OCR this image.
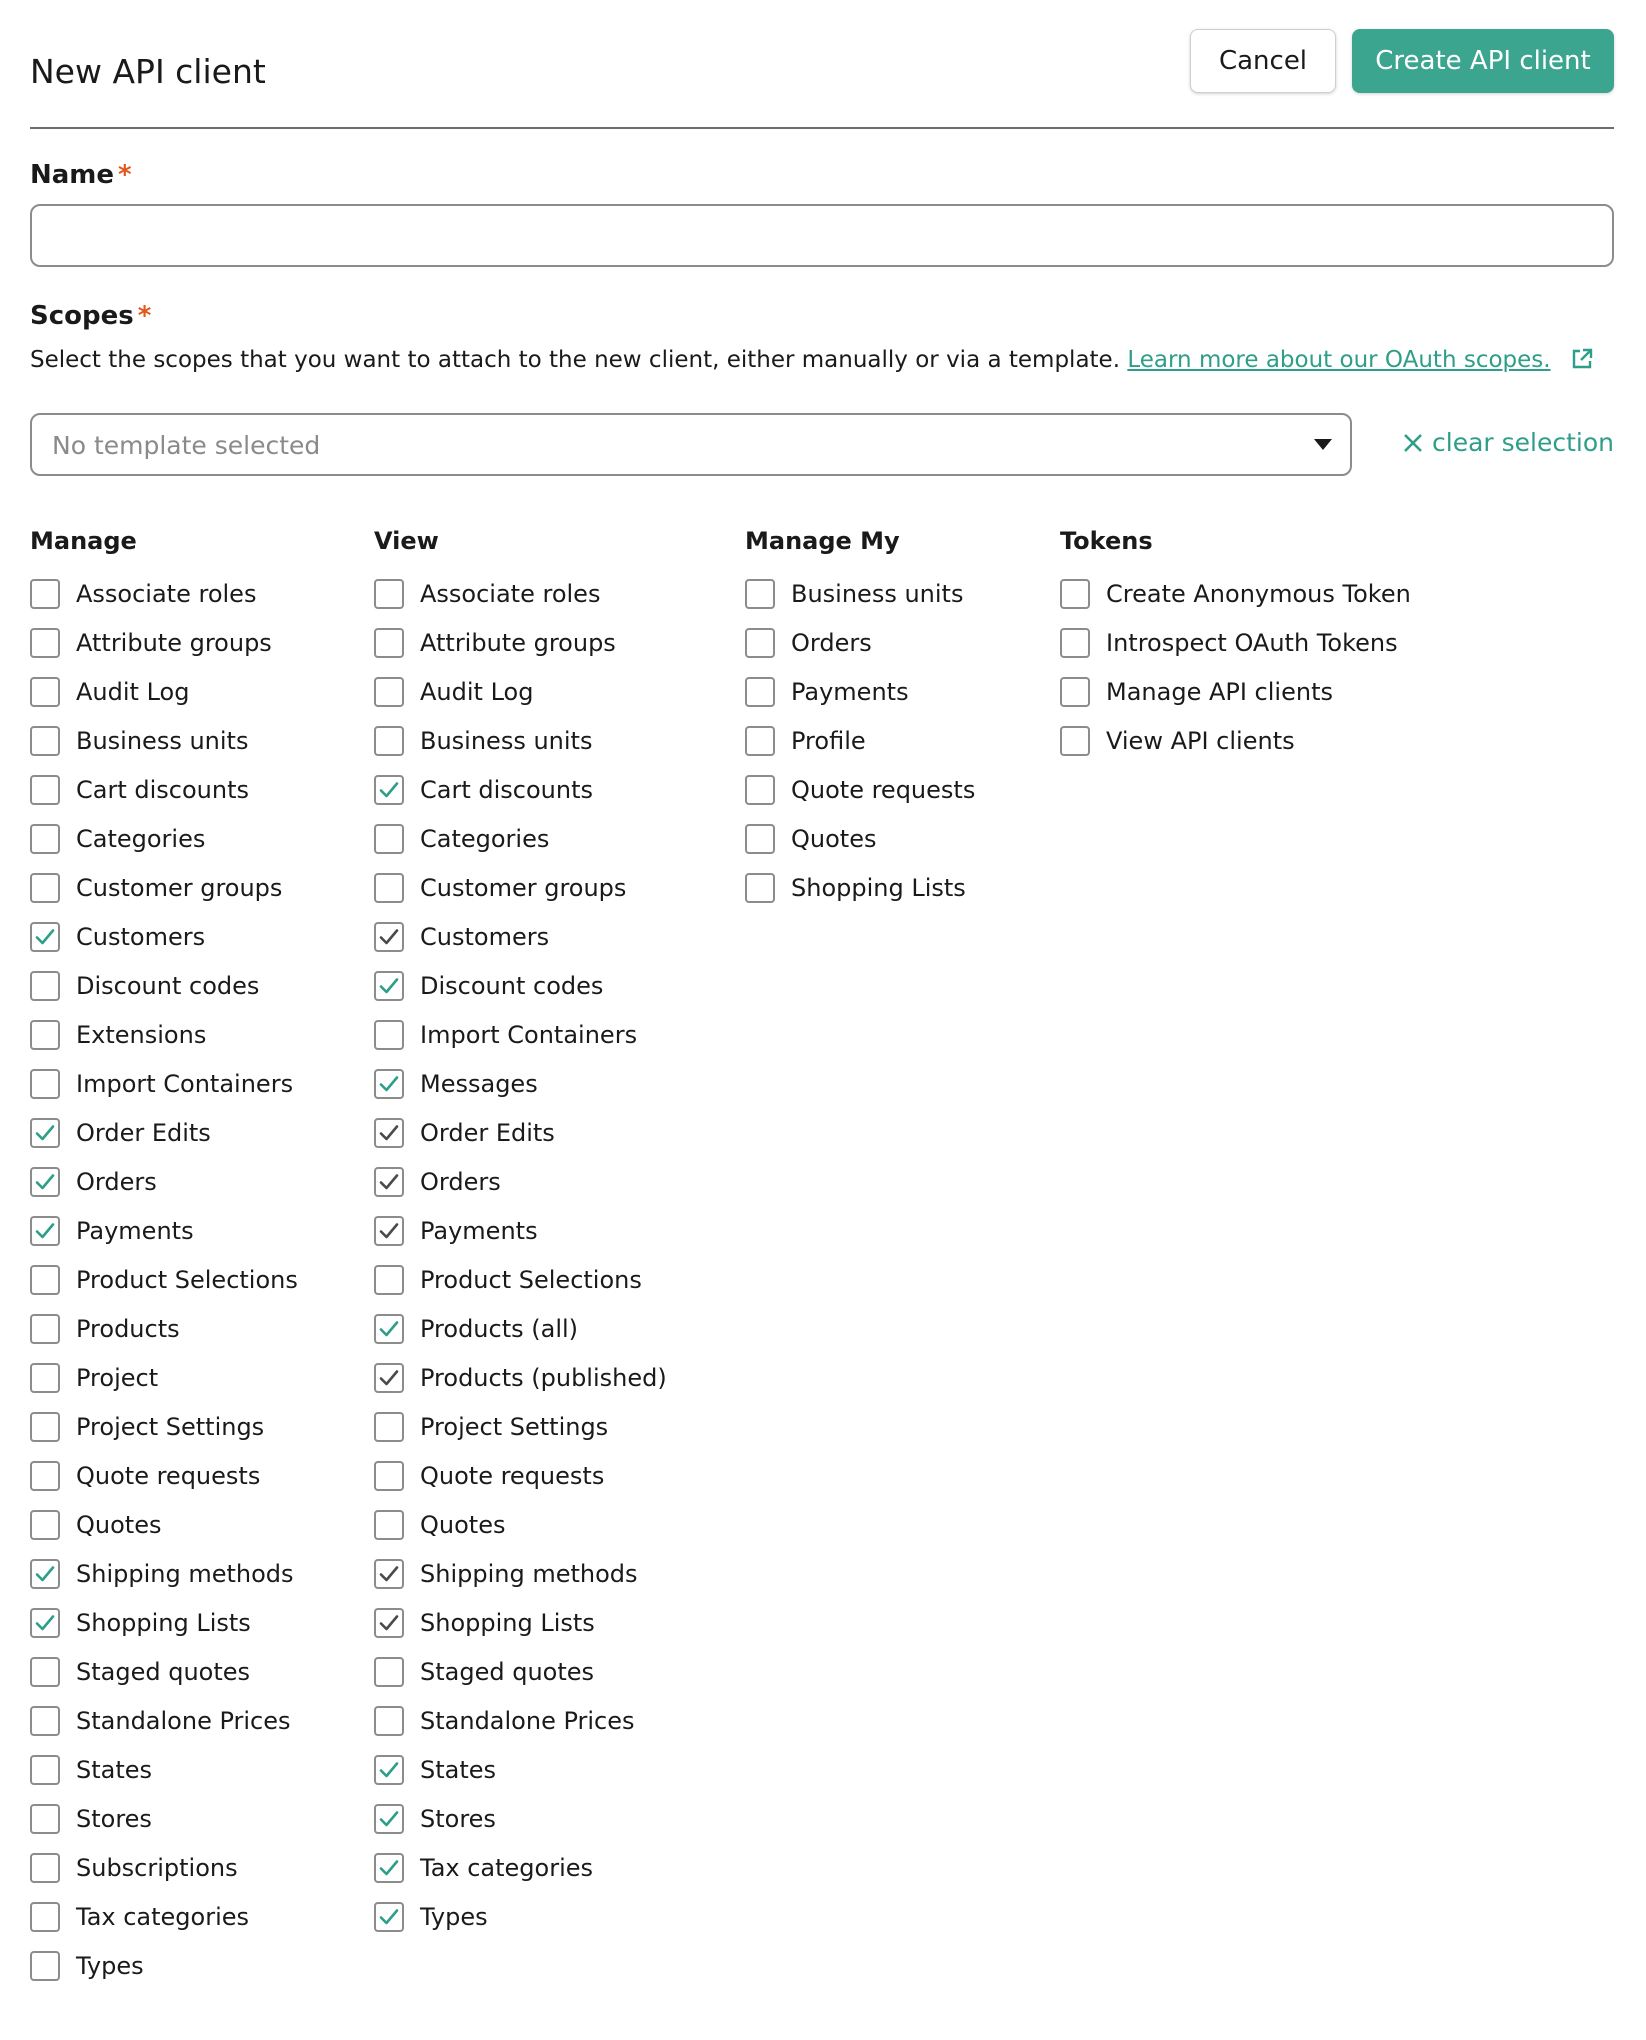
New API client	Cancel	Create API client
Name *
Scopes *
Select the scopes that you want to attach to the new client, either manually or via a template. Learn more about our OAuth scopes.
No template selected	clear selection
Manage
Associate roles
Attribute groups
Audit Log
Business units
Cart discounts
Categories
Customer groups
Customers
Discount codes
Extensions
Import Containers
Order Edits
Orders
Payments
Product Selections
Products
Project
Project Settings
Quote requests
Quotes
Shipping methods
Shopping Lists
Staged quotes
Standalone Prices
States
Stores
Subscriptions
Tax categories
Types
View
Associate roles
Attribute groups
Audit Log
Business units
Cart discounts
Categories
Customer groups
Customers
Discount codes
Import Containers
Messages
Order Edits
Orders
Payments
Product Selections
Products (all)
Products (published)
Project Settings
Quote requests
Quotes
Shipping methods
Shopping Lists
Staged quotes
Standalone Prices
States
Stores
Tax categories
Types
Manage My
Business units
Orders
Payments
Profile
Quote requests
Quotes
Shopping Lists
Tokens
Create Anonymous Token
Introspect OAuth Tokens
Manage API clients
View API clients
